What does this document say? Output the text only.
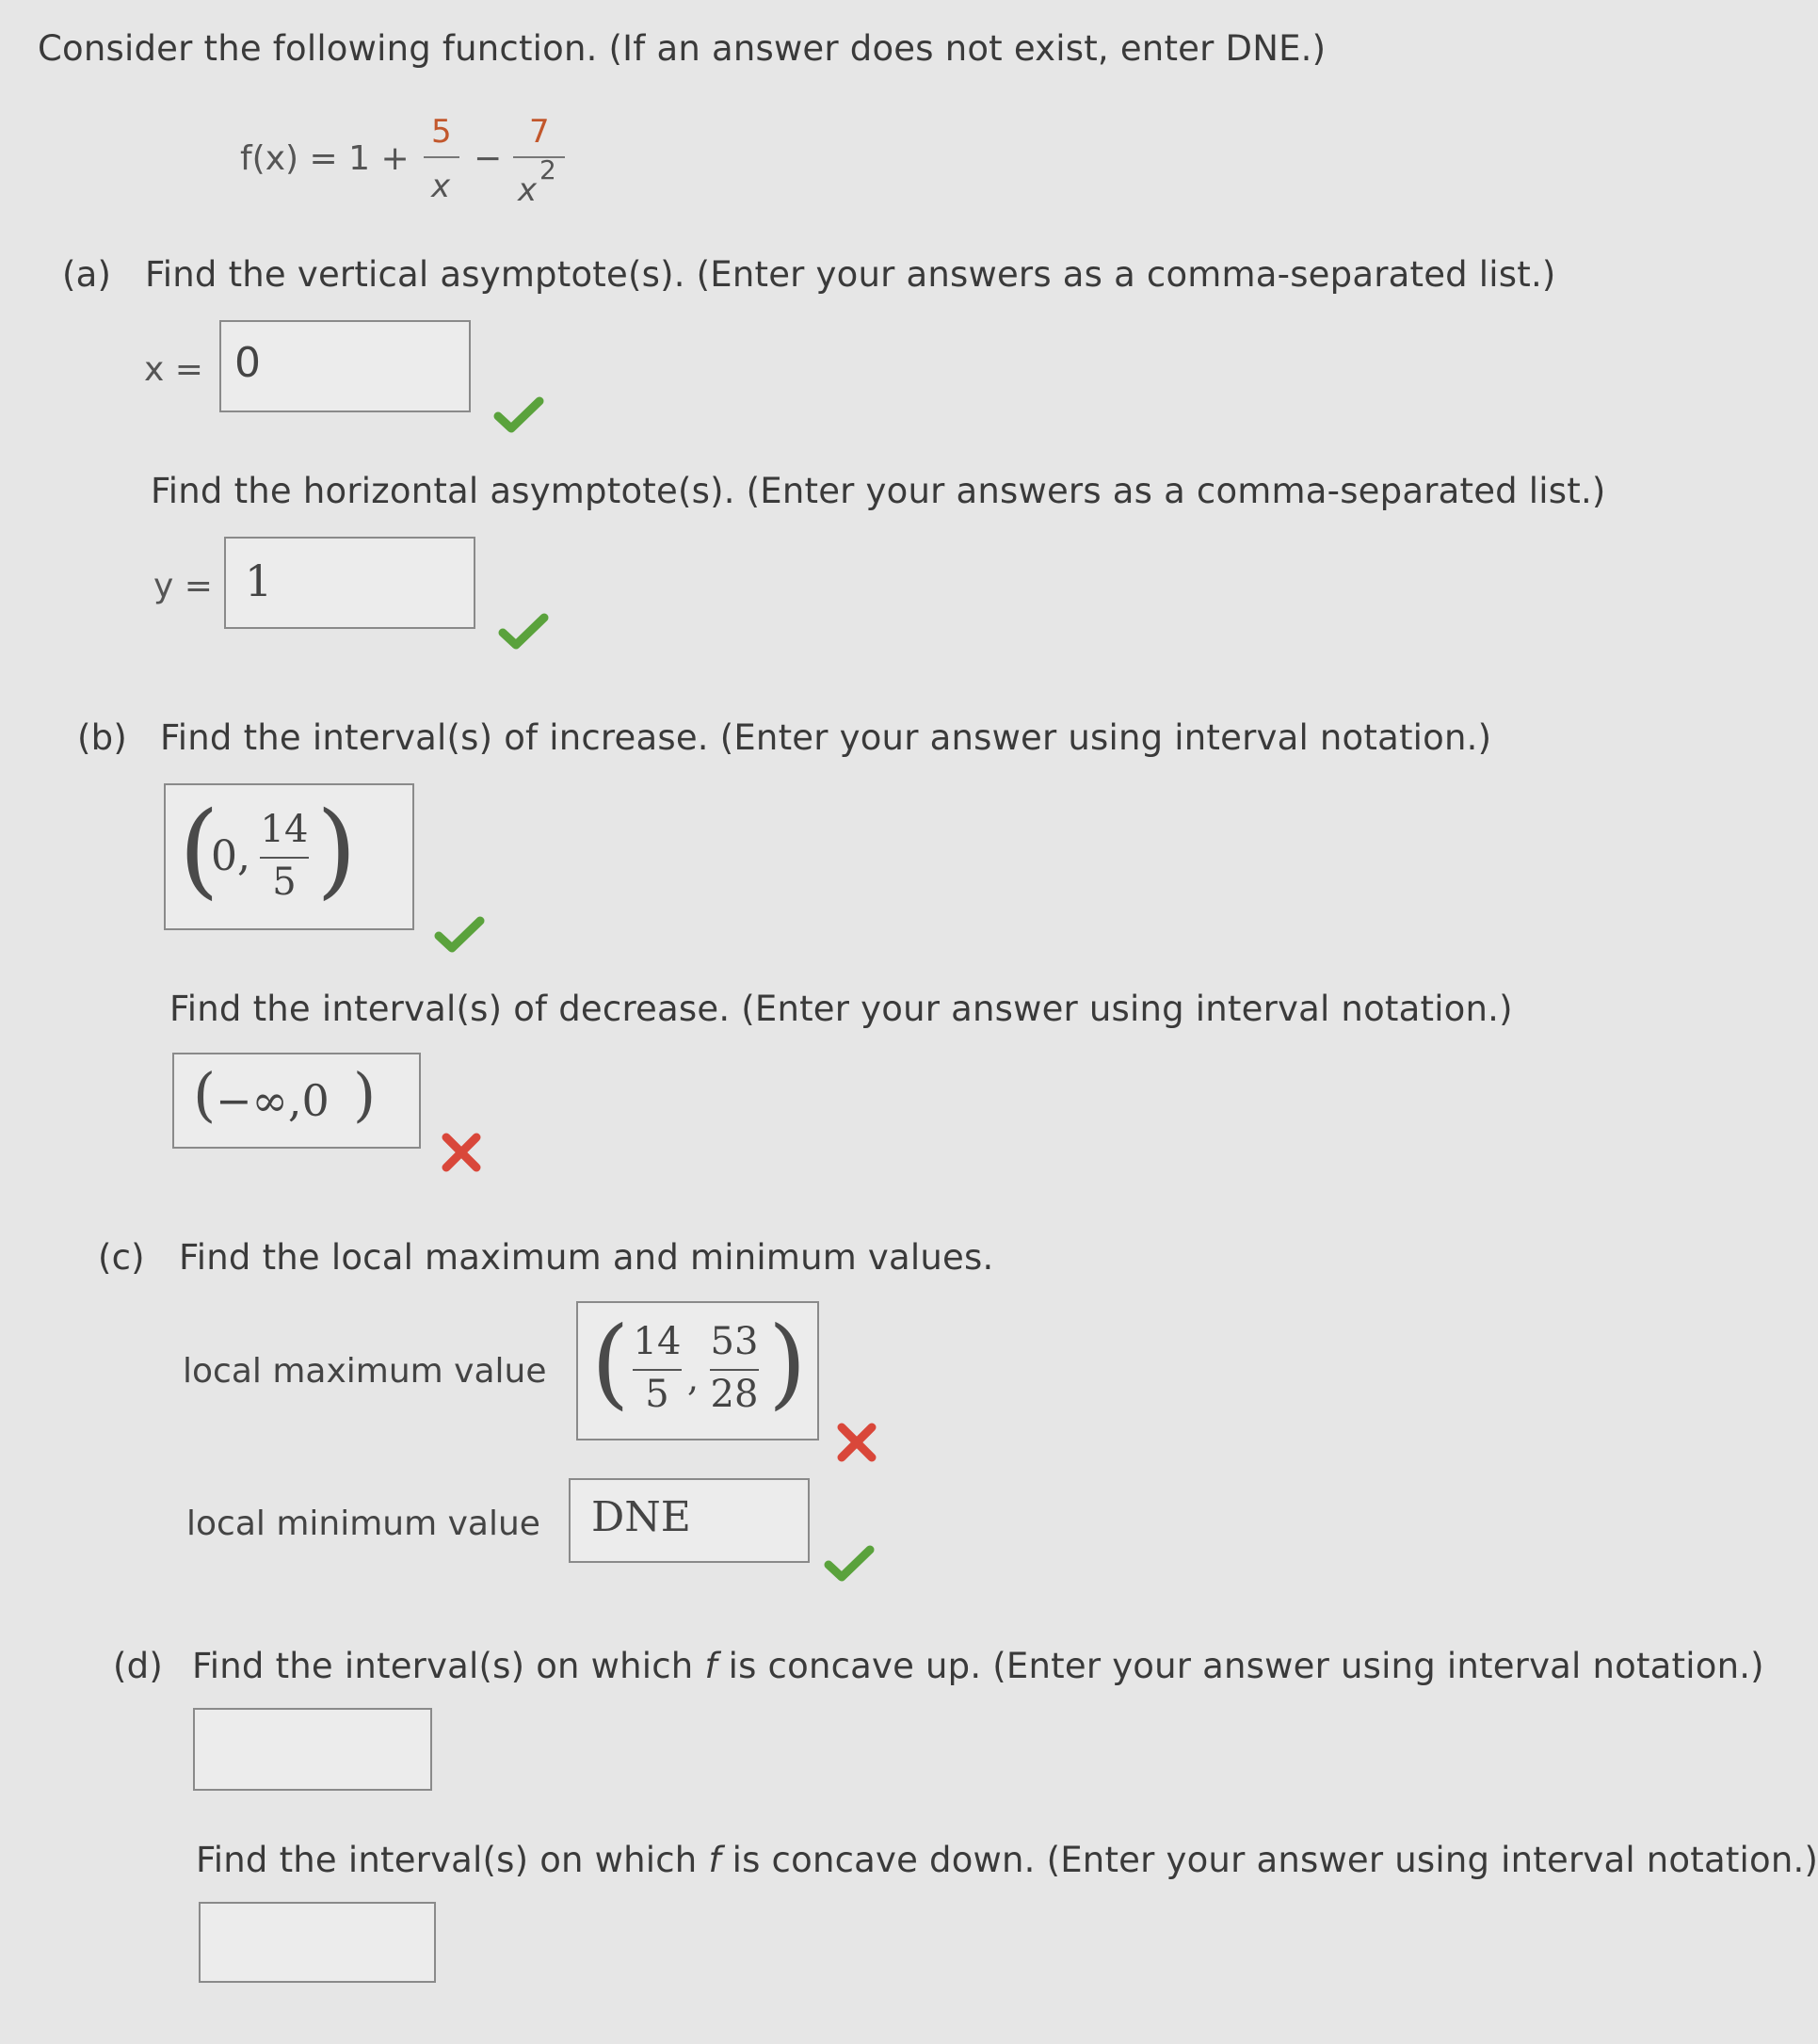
Consider the following function. (If an answer does not exist, enter DNE.)
f(x) = 1 +
5
x
−
7
x
2
(a) Find the vertical asymptote(s). (Enter your answers as a comma-separated list.)
x = 0
Find the horizontal asymptote(s). (Enter your answers as a comma-separated list.)
y = 1
(b) Find the interval(s) of increase. (Enter your answer using interval notation.)
(
0,
14
5 )
Find the interval(s) of decrease. (Enter your answer using interval notation.)
( −∞,0 )
(c) Find the local maximum and minimum values.
local maximum value ( 14
5 ,
53
28 )
local minimum value DNE
(d) Find the interval(s) on which f is concave up. (Enter your answer using interval notation.)
Find the interval(s) on which f is concave down. (Enter your answer using interval notation.)
